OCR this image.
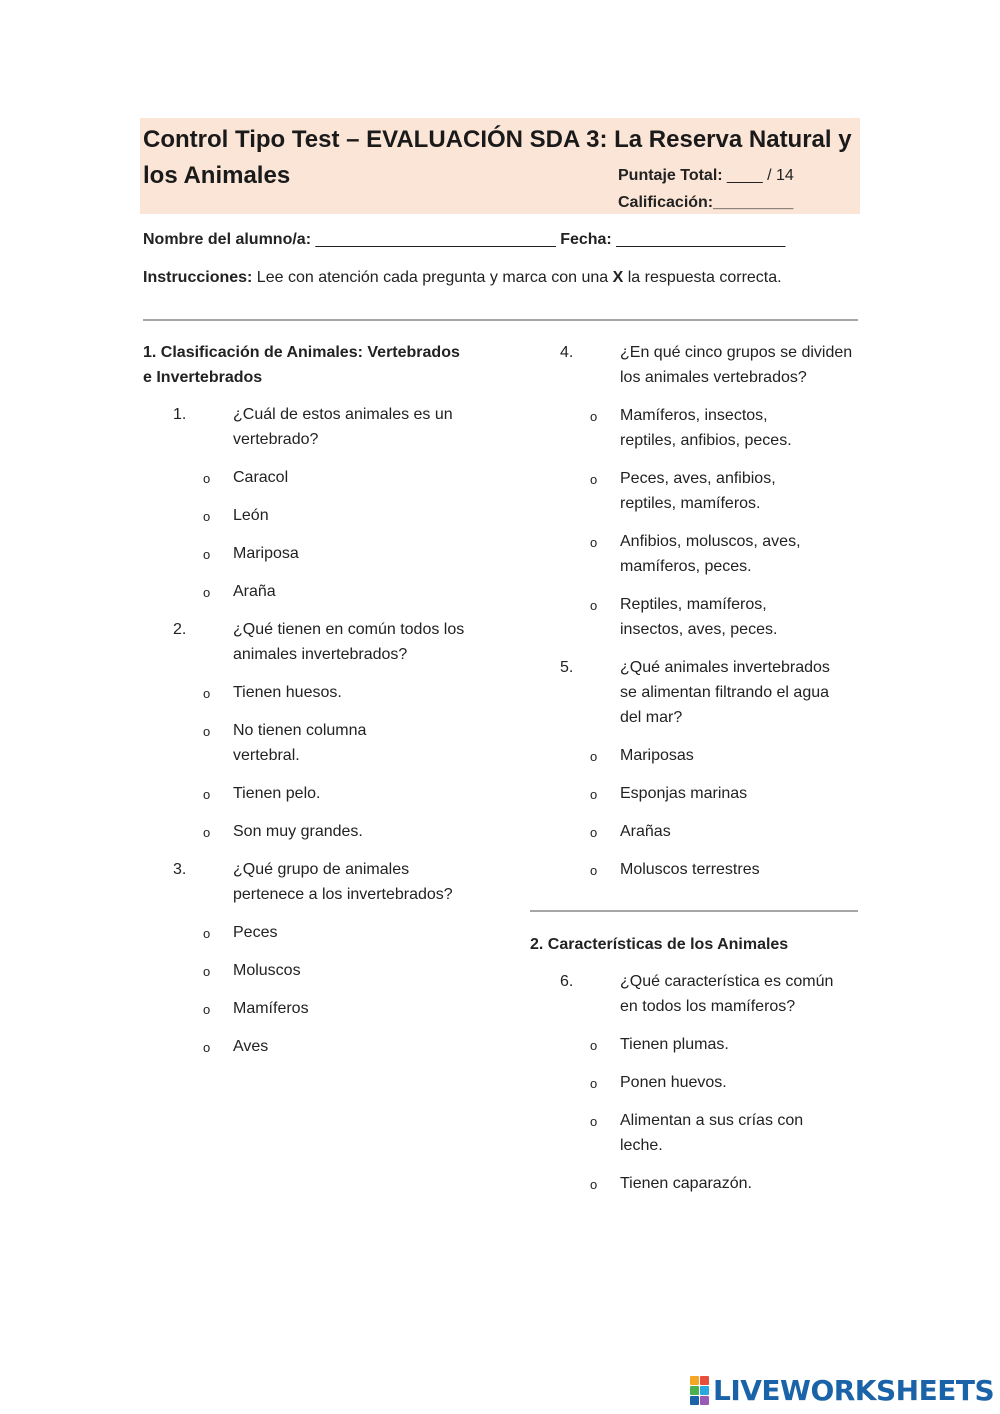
Control Tipo Test – EVALUACIÓN SDA 3: La Reserva Natural y los Animales	Puntaje Total: ____ / 14
Calificación:_________
Nombre del alumno/a: ___________________________ Fecha: ___________________
Instrucciones: Lee con atención cada pregunta y marca con una X la respuesta correcta.

1. Clasificación de Animales: Vertebrados e Invertebrados

1.	¿Cuál de estos animales es un vertebrado?
o Caracol
o León
o Mariposa
o Araña
2.	¿Qué tienen en común todos los animales invertebrados?
o Tienen huesos.
o No tienen columna vertebral.
o Tienen pelo.
o Son muy grandes.
3.	¿Qué grupo de animales pertenece a los invertebrados?
o Peces
o Moluscos
o Mamíferos
o Aves
4.	¿En qué cinco grupos se dividen los animales vertebrados?
o Mamíferos, insectos, reptiles, anfibios, peces.
o Peces, aves, anfibios, reptiles, mamíferos.
o Anfibios, moluscos, aves, mamíferos, peces.
o Reptiles, mamíferos, insectos, aves, peces.
5.	¿Qué animales invertebrados se alimentan filtrando el agua del mar?
o Mariposas
o Esponjas marinas
o Arañas
o Moluscos terrestres

2. Características de los Animales

6.	¿Qué característica es común en todos los mamíferos?
o Tienen plumas.
o Ponen huevos.
o Alimentan a sus crías con leche.
o Tienen caparazón.
LIVEWORKSHEETS
